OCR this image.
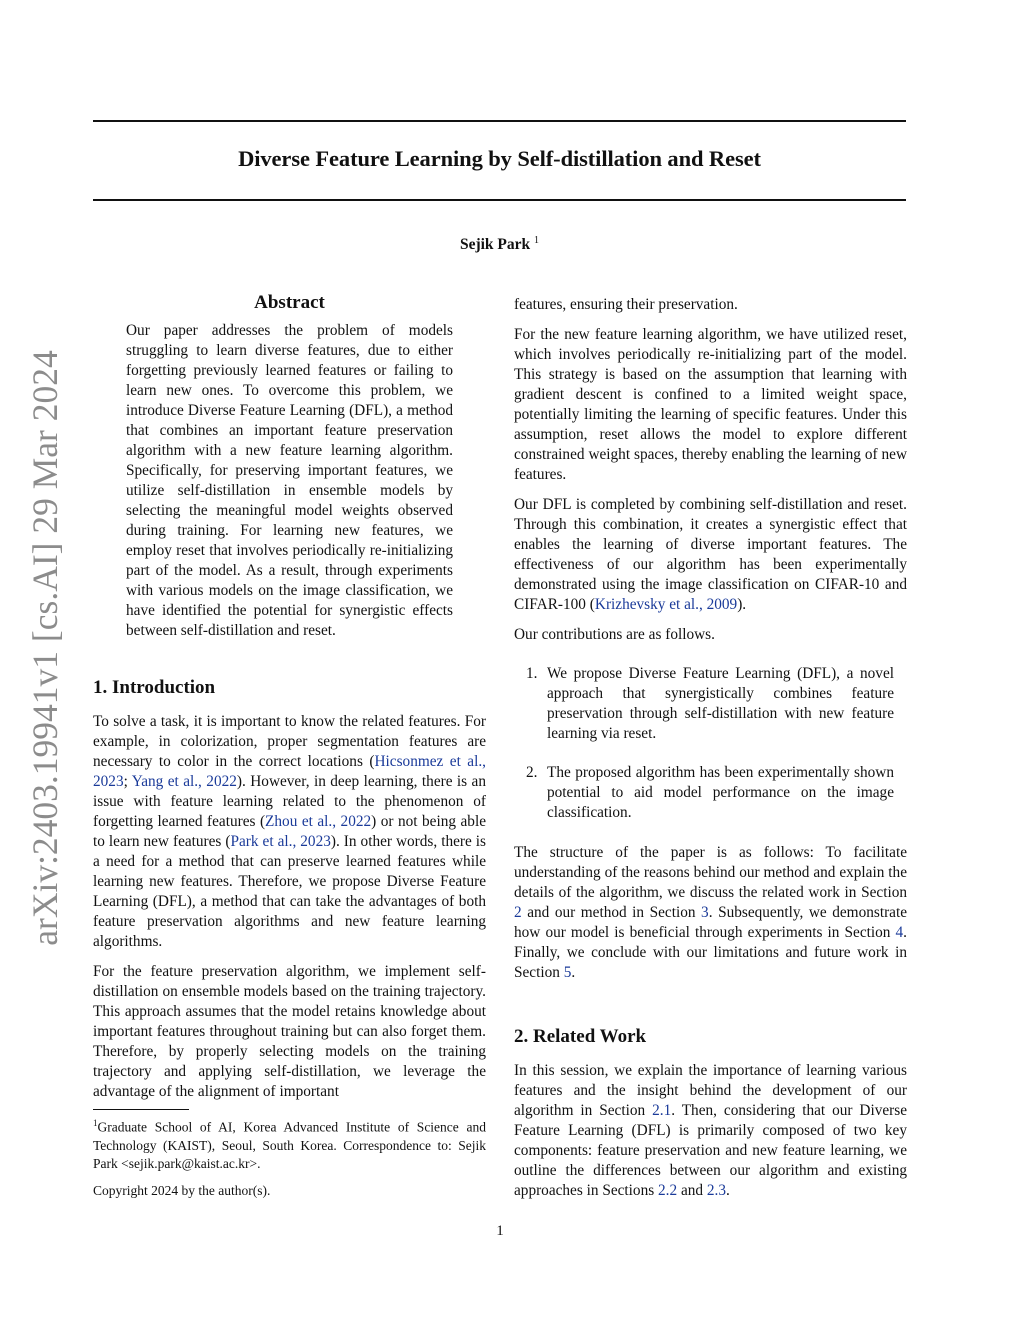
arXiv:2403.19941v1 [cs.AI] 29 Mar 2024
Diverse Feature Learning by Self-distillation and Reset
Sejik Park $^1$
Abstract

Our paper addresses the problem of models struggling to learn diverse features, due to either forgetting previously learned features or failing to learn new ones. To overcome this problem, we introduce Diverse Feature Learning (DFL), a method that combines an important feature preservation algorithm with a new feature learning algorithm. Specifically, for preserving important features, we utilize self-distillation in ensemble models by selecting the meaningful model weights observed during training. For learning new features, we employ reset that involves periodically re-initializing part of the model. As a result, through experiments with various models on the image classification, we have identified the potential for synergistic effects between self-distillation and reset.

1. Introduction

To solve a task, it is important to know the related features. For example, in colorization, proper segmentation features are necessary to color in the correct locations (Hicsonmez et al., 2023; Yang et al., 2022). However, in deep learning, there is an issue with feature learning related to the phenomenon of forgetting learned features (Zhou et al., 2022) or not being able to learn new features (Park et al., 2023). In other words, there is a need for a method that can preserve learned features while learning new features. Therefore, we propose Diverse Feature Learning (DFL), a method that can take the advantages of both feature preservation algorithms and new feature learning algorithms.

For the feature preservation algorithm, we implement self-distillation on ensemble models based on the training trajectory. This approach assumes that the model retains knowledge about important features throughout training but can also forget them. Therefore, by properly selecting models on the training trajectory and applying self-distillation, we leverage the advantage of the alignment of important

features, ensuring their preservation.

For the new feature learning algorithm, we have utilized reset, which involves periodically re-initializing part of the model. This strategy is based on the assumption that learning with gradient descent is confined to a limited weight space, potentially limiting the learning of specific features. Under this assumption, reset allows the model to explore different constrained weight spaces, thereby enabling the learning of new features.

Our DFL is completed by combining self-distillation and reset. Through this combination, it creates a synergistic effect that enables the learning of diverse important features. The effectiveness of our algorithm has been experimentally demonstrated using the image classification on CIFAR-10 and CIFAR-100 (Krizhevsky et al., 2009).

Our contributions are as follows.

1. We propose Diverse Feature Learning (DFL), a novel approach that synergistically combines feature preservation through self-distillation with new feature learning via reset.
2. The proposed algorithm has been experimentally shown potential to aid model performance on the image classification.

The structure of the paper is as follows: To facilitate understanding of the reasons behind our method and explain the details of the algorithm, we discuss the related work in Section 2 and our method in Section 3. Subsequently, we demonstrate how our model is beneficial through experiments in Section 4. Finally, we conclude with our limitations and future work in Section 5.

2. Related Work

In this session, we explain the importance of learning various features and the insight behind the development of our algorithm in Section 2.1. Then, considering that our Diverse Feature Learning (DFL) is primarily composed of two key components: feature preservation and new feature learning, we outline the differences between our algorithm and existing approaches in Sections 2.2 and 2.3.

$^1$Graduate School of AI, Korea Advanced Institute of Science and Technology (KAIST), Seoul, South Korea. Correspondence to: Sejik Park <sejik.park@kaist.ac.kr>.
Copyright 2024 by the author(s).
1
